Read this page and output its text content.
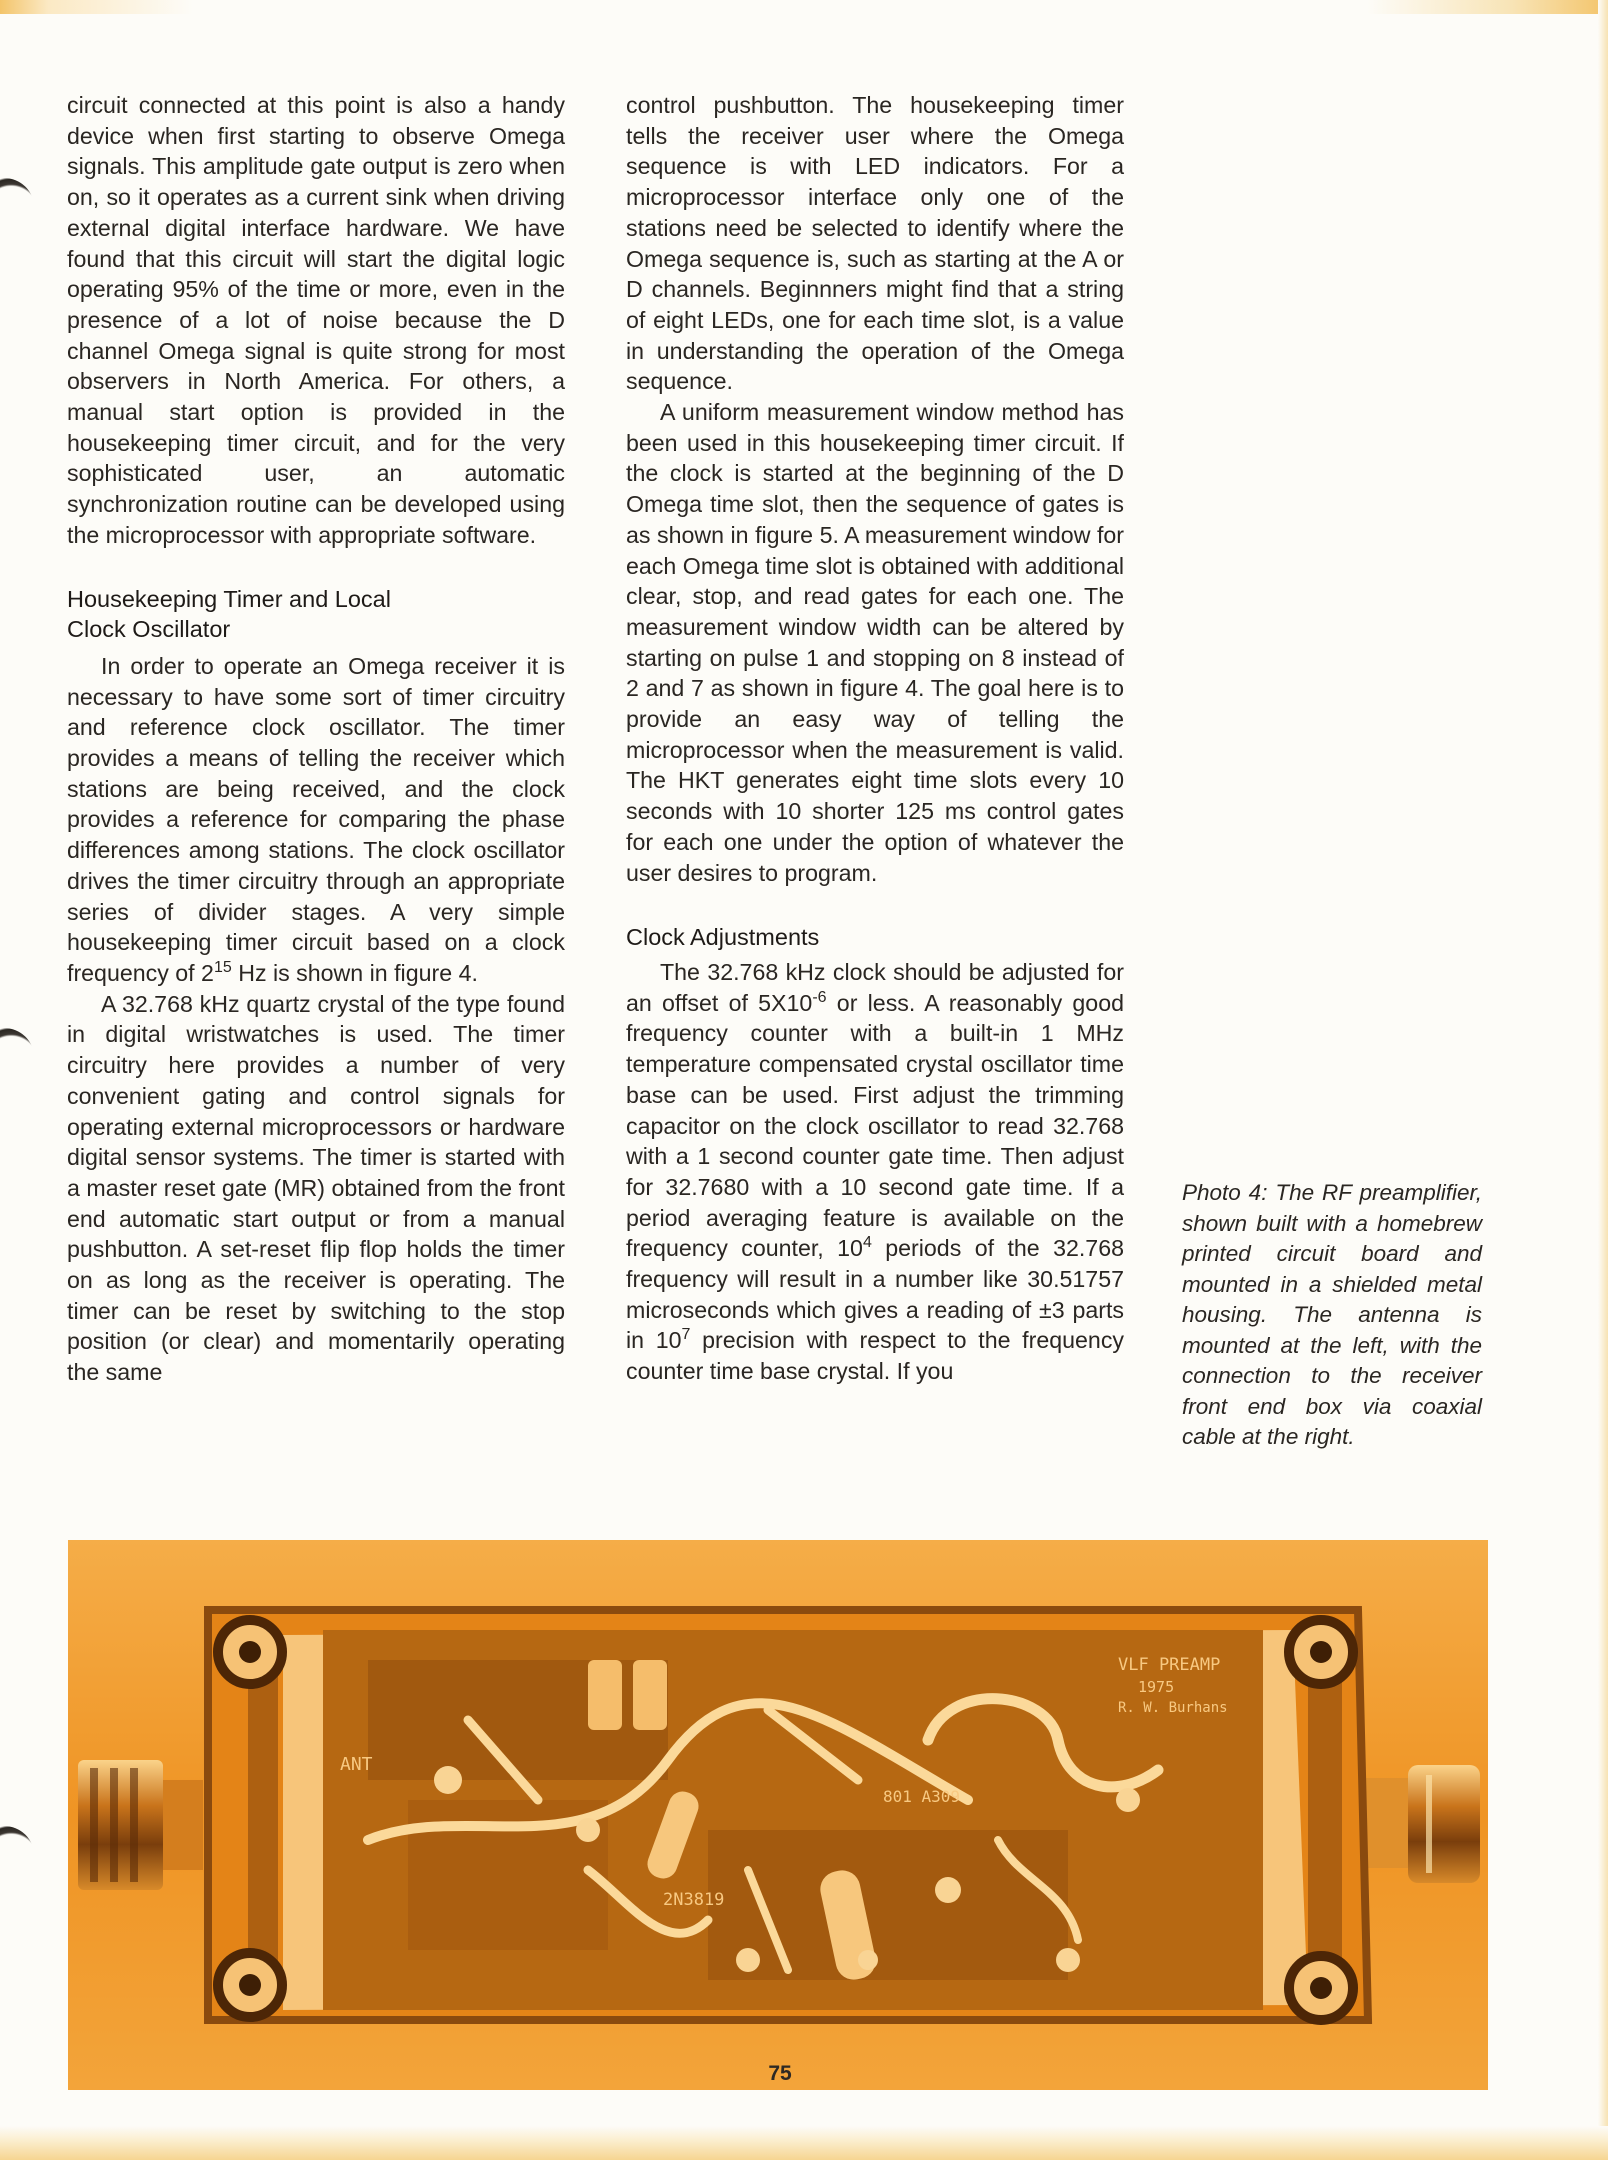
circuit connected at this point is also a handy device when first starting to observe Omega signals. This amplitude gate output is zero when on, so it operates as a current sink when driving external digital interface hardware. We have found that this circuit will start the digital logic operating 95% of the time or more, even in the presence of a lot of noise because the D channel Omega signal is quite strong for most observers in North America. For others, a manual start option is provided in the housekeeping timer circuit, and for the very sophisticated user, an automatic synchronization routine can be developed using the microprocessor with appropriate software.

Housekeeping Timer and Local
Clock Oscillator

In order to operate an Omega receiver it is necessary to have some sort of timer circuitry and reference clock oscillator. The timer provides a means of telling the receiver which stations are being received, and the clock provides a reference for comparing the phase differences among stations. The clock oscillator drives the timer circuitry through an appropriate series of divider stages. A very simple housekeeping timer circuit based on a clock frequency of $2^{15}$ Hz is shown in figure 4.

A 32.768 kHz quartz crystal of the type found in digital wristwatches is used. The timer circuitry here provides a number of very convenient gating and control signals for operating external microprocessors or hardware digital sensor systems. The timer is started with a master reset gate (MR) obtained from the front end automatic start output or from a manual pushbutton. A set-reset flip flop holds the timer on as long as the receiver is operating. The timer can be reset by switching to the stop position (or clear) and momentarily operating the same

control pushbutton. The housekeeping timer tells the receiver user where the Omega sequence is with LED indicators. For a microprocessor interface only one of the stations need be selected to identify where the Omega sequence is, such as starting at the A or D channels. Beginnners might find that a string of eight LEDs, one for each time slot, is a value in understanding the operation of the Omega sequence.

A uniform measurement window method has been used in this housekeeping timer circuit. If the clock is started at the beginning of the D Omega time slot, then the sequence of gates is as shown in figure 5. A measurement window for each Omega time slot is obtained with additional clear, stop, and read gates for each one. The measurement window width can be altered by starting on pulse 1 and stopping on 8 instead of 2 and 7 as shown in figure 4. The goal here is to provide an easy way of telling the microprocessor when the measurement is valid. The HKT generates eight time slots every 10 seconds with 10 shorter 125 ms control gates for each one under the option of whatever the user desires to program.

Clock Adjustments

The 32.768 kHz clock should be adjusted for an offset of $5X10^{-6}$ or less. A reasonably good frequency counter with a built-in 1 MHz temperature compensated crystal oscillator time base can be used. First adjust the trimming capacitor on the clock oscillator to read 32.768 with a 1 second counter gate time. Then adjust for 32.7680 with a 10 second gate time. If a period averaging feature is available on the frequency counter, $10^4$ periods of the 32.768 frequency will result in a number like 30.51757 microseconds which gives a reading of ±3 parts in $10^7$ precision with respect to the frequency counter time base crystal. If you

Photo 4: The RF preamplifier, shown built with a homebrew printed circuit board and mounted in a shielded metal housing. The antenna is mounted at the left, with the connection to the receiver front end box via coaxial cable at the right.

VLF PREAMP
1975
R. W. Burhans
ANT
2N3819
801 A309
75
